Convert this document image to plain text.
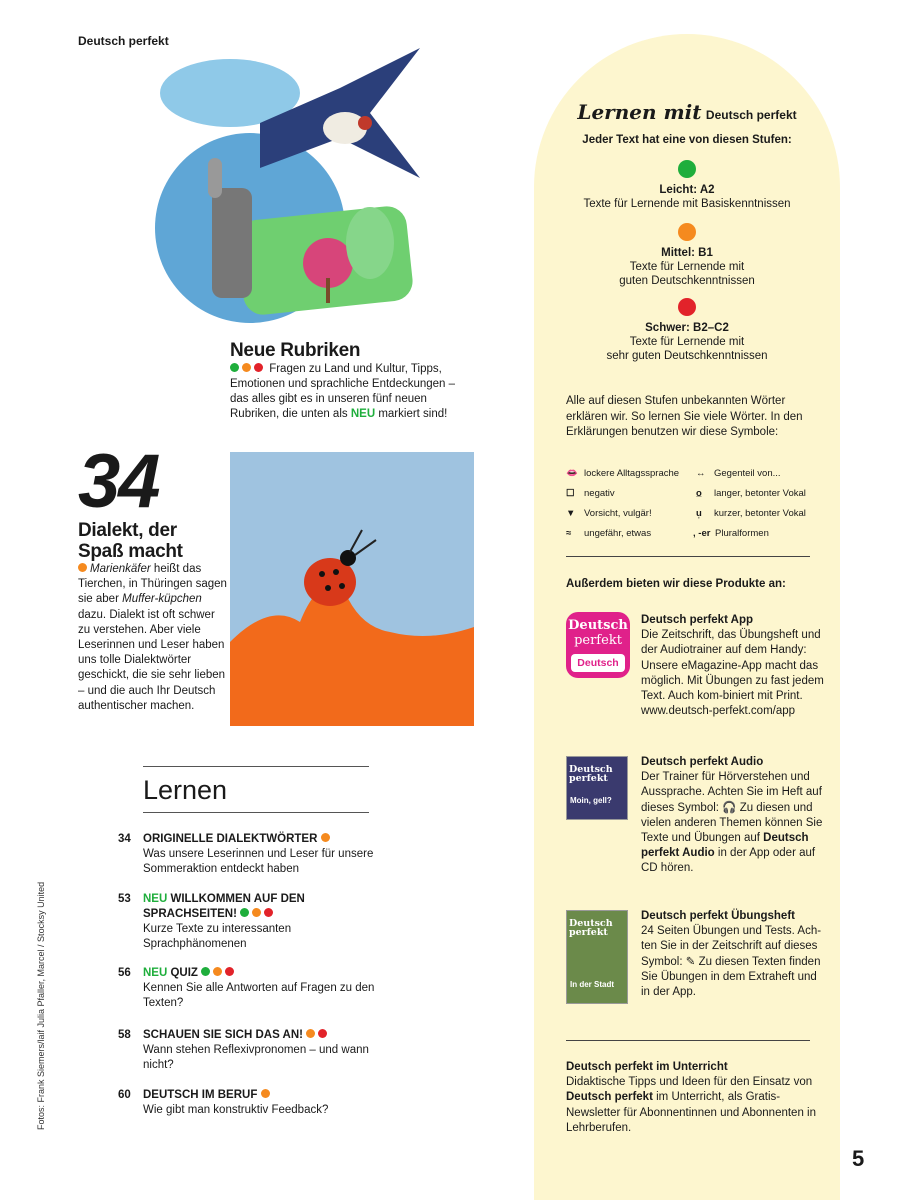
Deutsch perfekt
Neue Rubriken
Fragen zu Land und Kultur, Tipps, Emotionen und sprachliche Entdeckungen – das alles gibt es in unseren fünf neuen Rubriken, die unten als NEU markiert sind!
34
Dialekt, der
Spaß macht
Marienkäfer heißt das Tierchen, in Thüringen sagen sie aber Muffer-küpchen dazu. Dialekt ist oft schwer zu verstehen. Aber viele Leserinnen und Leser haben uns tolle Dialektwörter geschickt, die sie sehr lieben – und die auch Ihr Deutsch authentischer machen.
Lernen
34 ORIGINELLE DIALEKTWÖRTER
Was unsere Leserinnen und Leser für unsere Sommeraktion entdeckt haben
53 NEU WILLKOMMEN AUF DEN SPRACHSEITEN!
Kurze Texte zu interessanten Sprachphänomenen
56 NEU QUIZ
Kennen Sie alle Antworten auf Fragen zu den Texten?
58 SCHAUEN SIE SICH DAS AN!
Wann stehen Reflexivpronomen – und wann nicht?
60 DEUTSCH IM BERUF
Wie gibt man konstruktiv Feedback?
Fotos: Frank Siemers/laif Julia Pfaller, Marcel / Stocksy United
Lernen mit Deutsch perfekt
Jeder Text hat eine von diesen Stufen:
Leicht: A2
Texte für Lernende mit Basiskenntnissen
Mittel: B1
Texte für Lernende mit
guten Deutschkenntnissen
Schwer: B2–C2
Texte für Lernende mit
sehr guten Deutschkenntnissen
Alle auf diesen Stufen unbekannten Wörter erklären wir. So lernen Sie viele Wörter. In den Erklärungen benutzen wir diese Symbole:
👄 lockere Alltagssprache ↔ Gegenteil von...
☐ negativ	o̲ langer, betonter Vokal
▼ Vorsicht, vulgär!	u̩ kurzer, betonter Vokal
≈ ungefähr, etwas	, -er Pluralformen
Außerdem bieten wir diese Produkte an:
Deutsch
perfekt
Deutsch
Deutsch perfekt App
Die Zeitschrift, das Übungsheft und der Audiotrainer auf dem Handy: Unsere eMagazine-App macht das möglich. Mit Übungen zu fast jedem Text. Auch kom-biniert mit Print. www.deutsch-perfekt.com/app
Deutsch perfekt
Moin, gell?
Deutsch perfekt Audio
Der Trainer für Hörverstehen und Aussprache. Achten Sie im Heft auf dieses Symbol: 🎧 Zu diesen und vielen anderen Themen können Sie Texte und Übungen auf Deutsch perfekt Audio in der App oder auf CD hören.
Deutsch perfekt
In der Stadt
Deutsch perfekt Übungsheft
24 Seiten Übungen und Tests. Ach-ten Sie in der Zeitschrift auf dieses Symbol: ✎ Zu diesen Texten finden Sie Übungen in dem Extraheft und in der App.
Deutsch perfekt im Unterricht
Didaktische Tipps und Ideen für den Einsatz von Deutsch perfekt im Unterricht, als Gratis-Newsletter für Abonnentinnen und Abonnenten in Lehrberufen.
5
